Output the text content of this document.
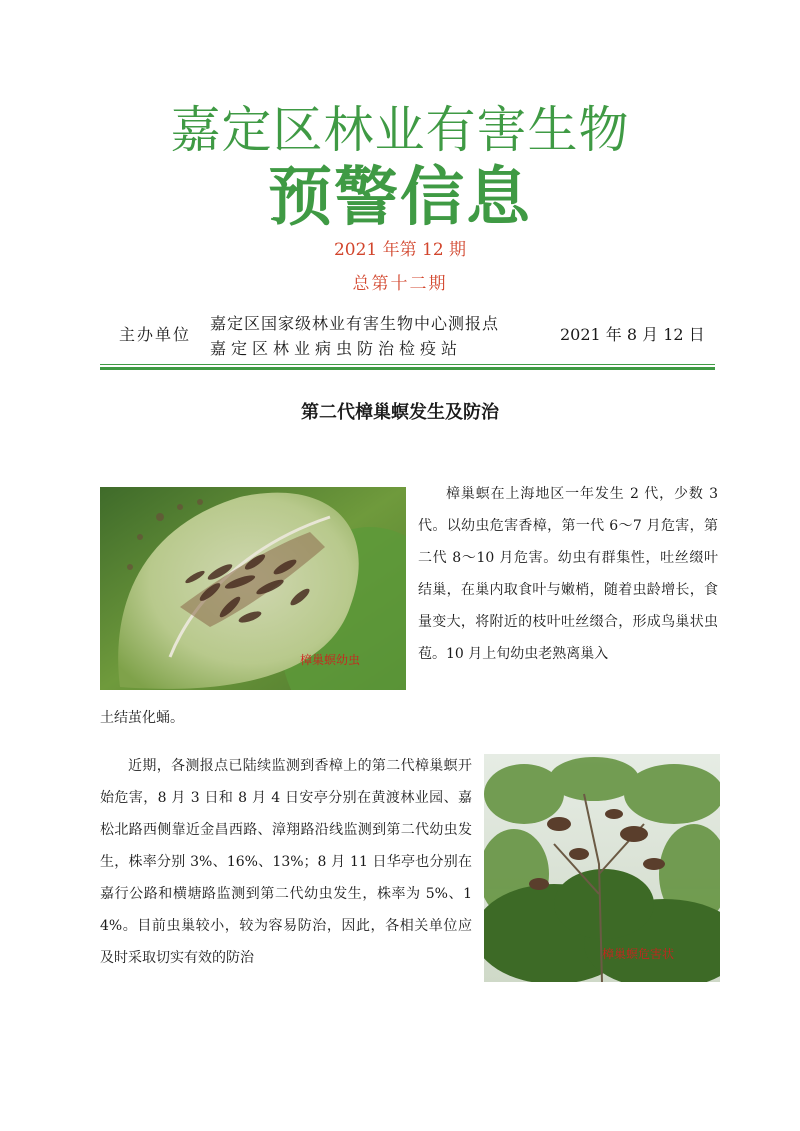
嘉定区林业有害生物
预警信息
2021 年第 12 期
总第十二期
主办单位
嘉定区国家级林业有害生物中心测报点
嘉定区林业病虫防治检疫站
2021 年 8 月 12 日
第二代樟巢螟发生及防治
樟巢螟幼虫

樟巢螟在上海地区一年发生 2 代，少数 3 代。以幼虫危害香樟，第一代 6～7 月危害，第二代 8～10 月危害。幼虫有群集性，吐丝缀叶结巢，在巢内取食叶与嫩梢，随着虫龄增长，食量变大，将附近的枝叶吐丝缀合，形成鸟巢状虫苞。10 月上旬幼虫老熟离巢入

土结茧化蛹。

樟巢螟危害状

近期，各测报点已陆续监测到香樟上的第二代樟巢螟开始危害，8 月 3 日和 8 月 4 日安亭分别在黄渡林业园、嘉松北路西侧靠近金昌西路、漳翔路沿线监测到第二代幼虫发生，株率分别 3%、16%、13%；8 月 11 日华亭也分别在嘉行公路和横塘路监测到第二代幼虫发生，株率为 5%、14%。目前虫巢较小，较为容易防治，因此，各相关单位应及时采取切实有效的防治
